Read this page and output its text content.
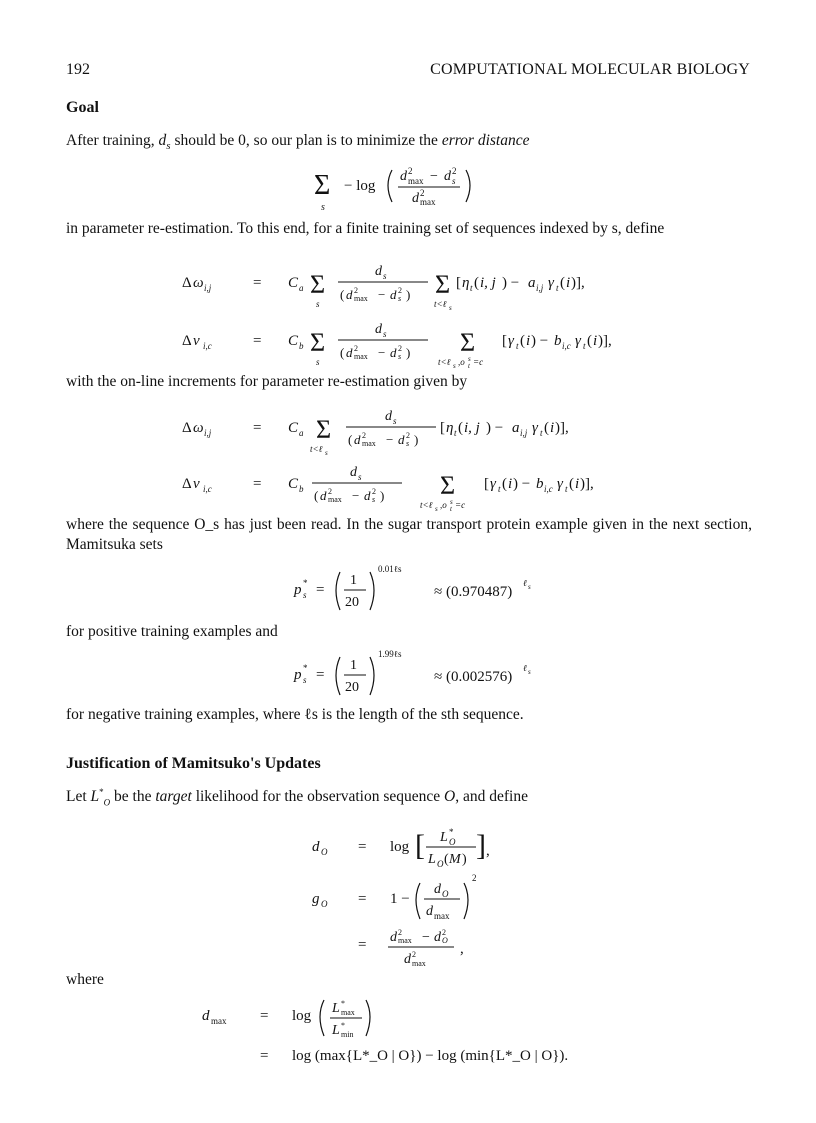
192	COMPUTATIONAL MOLECULAR BIOLOGY
Goal
After training, $d_s$ should be 0, so our plan is to minimize the error distance
Σ
s
− log
d 2
max − d 2
s
d 2
max
in parameter re-estimation. To this end, for a finite training set of sequences indexed by s, define
Δ ω i,j	= C a Σ
s
d s
( d 2
max − d 2
s ) Σ
t<ℓ s
[ η t ( i, j ) − a i,j γ t ( i )],
Δ ν i,c	= C b Σ
s
d s
( d 2
max − d 2
s ) Σ
t<ℓ s ,o s
t =c
[ γ t ( i ) − b i,c γ t ( i )],
with the on-line increments for parameter re-estimation given by
Δ ω i,j	= C a Σ
t<ℓ s
d s
( d 2
max − d 2
s )
[ η t ( i, j ) − a i,j γ t ( i )],
Δ ν i,c	= C b
d s
( d 2
max − d 2
s ) Σ
t<ℓ s ,o s
t =c
[ γ t ( i ) − b i,c γ t ( i )],
where the sequence O_s has just been read. In the sugar transport protein example given in the next section, Mamitsuka sets
p *
s =
1
20
0.01ℓs
≈ (0.970487)
ℓ s
for positive training examples and
p *
s =
1
20
1.99ℓs
≈ (0.002576)
ℓ s
for negative training examples, where ℓs is the length of the sth sequence.
Justification of Mamitsuko's Updates
Let $L^*_O$ be the target likelihood for the observation sequence O, and define
d O = log [ L *
O
L O ( M ) ] ,
g O = 1 −
d O
d max
2
= d 2
max − d 2
O
d 2
max
,
where
d max = log L *
max
L *
min
= log (max{L*_O | O}) − log (min{L*_O | O}).
